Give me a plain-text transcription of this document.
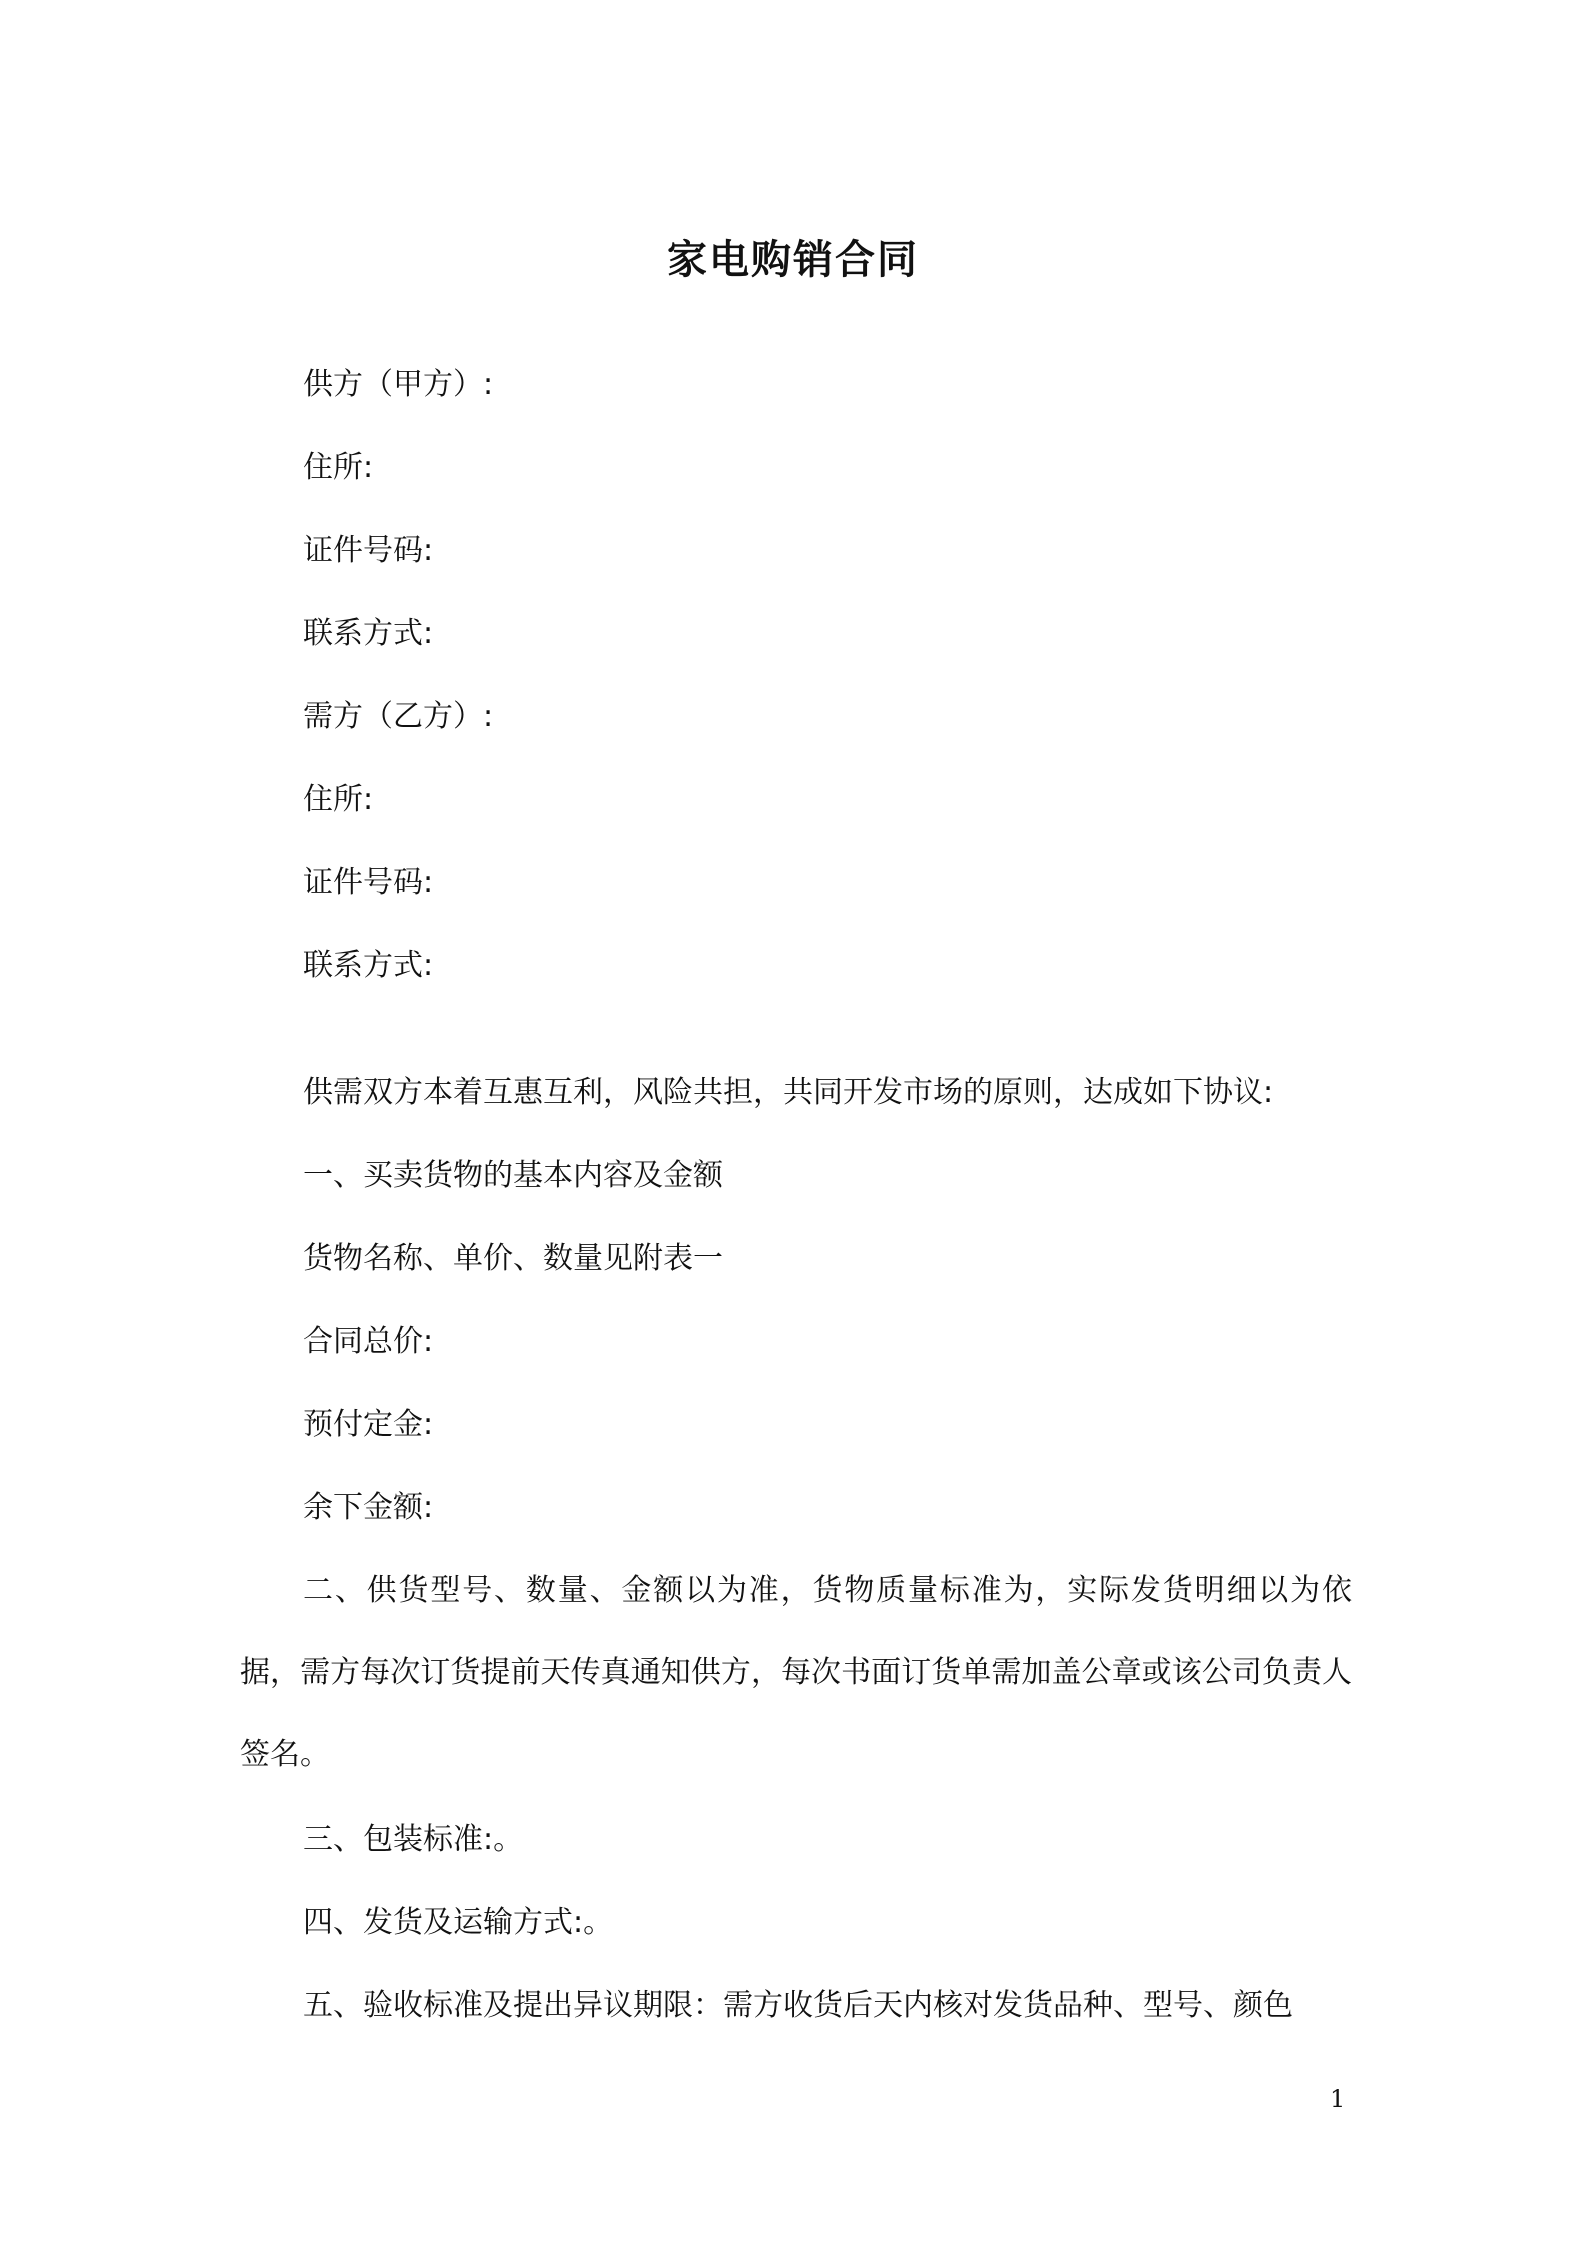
家电购销合同
供方（甲方）:
住所:
证件号码:
联系方式:
需方（乙方）:
住所:
证件号码:
联系方式:
供需双方本着互惠互利，风险共担，共同开发市场的原则，达成如下协议:
一、买卖货物的基本内容及金额
货物名称、单价、数量见附表一
合同总价:
预付定金:
余下金额:
二、供货型号、数量、金额以为准，货物质量标准为，实际发货明细以为依据，需方每次订货提前天传真通知供方，每次书面订货单需加盖公章或该公司负责人签名。
三、包装标准:。
四、发货及运输方式:。
五、验收标准及提出异议期限：需方收货后天内核对发货品种、型号、颜色
1
